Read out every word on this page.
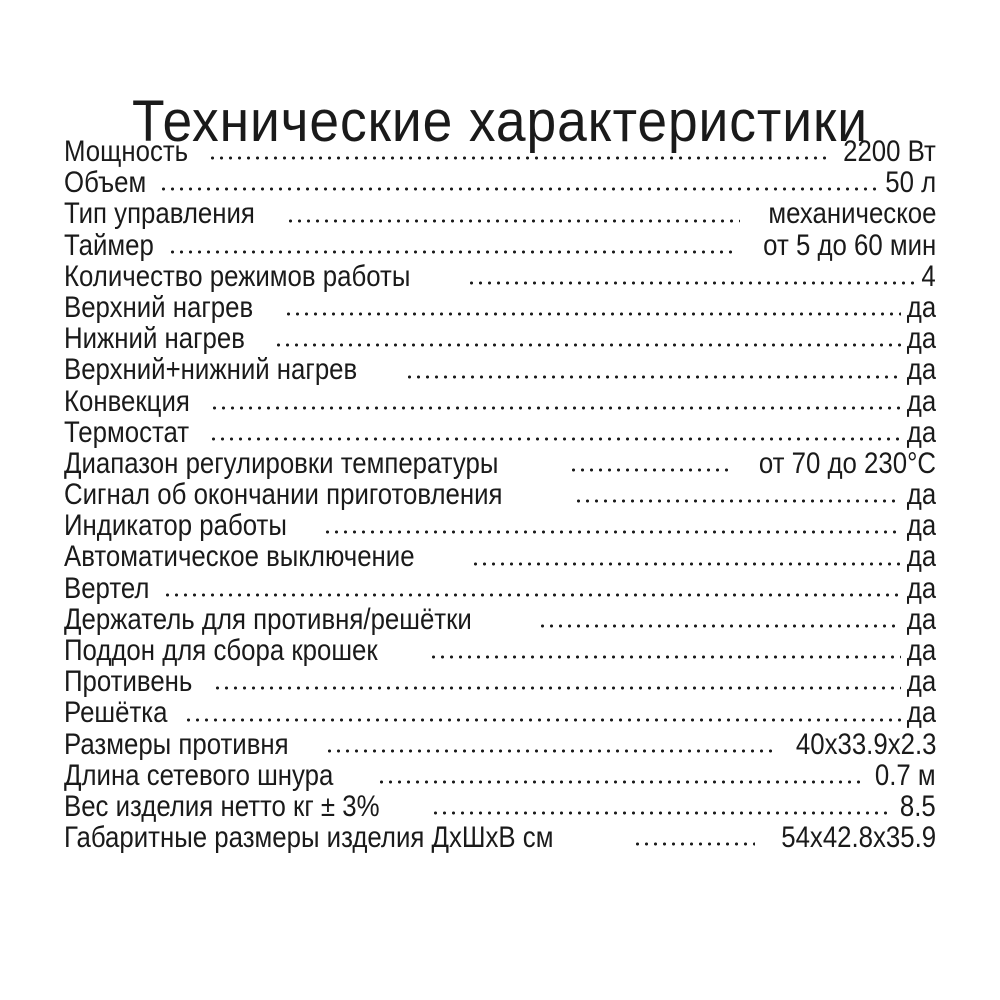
Технические характеристики
Мощность	2200 Вт
Объем	50 л
Тип управления	механическое
Таймер	от 5 до 60 мин
Количество режимов работы	4
Верхний нагрев	да
Нижний нагрев	да
Верхний+нижний нагрев	да
Конвекция	да
Термостат	да
Диапазон регулировки температуры	от 70 до 230°С
Сигнал об окончании приготовления	да
Индикатор работы	да
Автоматическое выключение	да
Вертел	да
Держатель для противня/решётки	да
Поддон для сбора крошек	да
Противень	да
Решётка	да
Размеры противня	40x33.9x2.3
Длина сетевого шнура	0.7 м
Вес изделия нетто кг ± 3%	8.5
Габаритные размеры изделия ДхШхВ см	54x42.8x35.9
